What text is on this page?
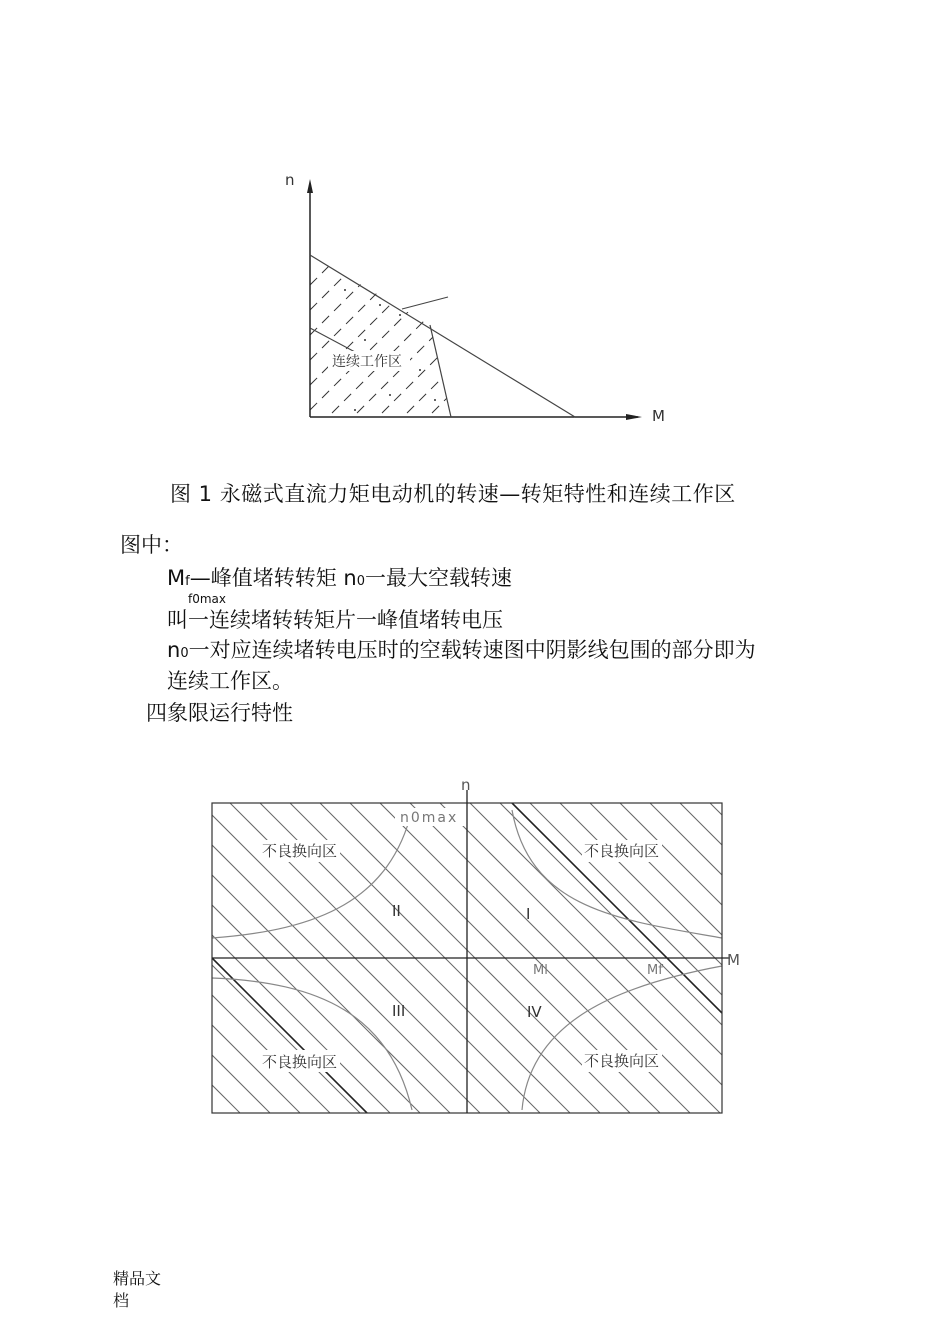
连续工作区
n
M
图 1 永磁式直流力矩电动机的转速—转矩特性和连续工作区
图中：
Mf—峰值堵转转矩 n0一最大空载转速
f0max
叫一连续堵转转矩片一峰值堵转电压
n0一对应连续堵转电压时的空载转速图中阴影线包围的部分即为
连续工作区。
四象限运行特性
n
M
n0max
Ml	Mf
不良换向区	不良换向区
不良换向区	不良换向区
II	I
III	IV
精品文档
